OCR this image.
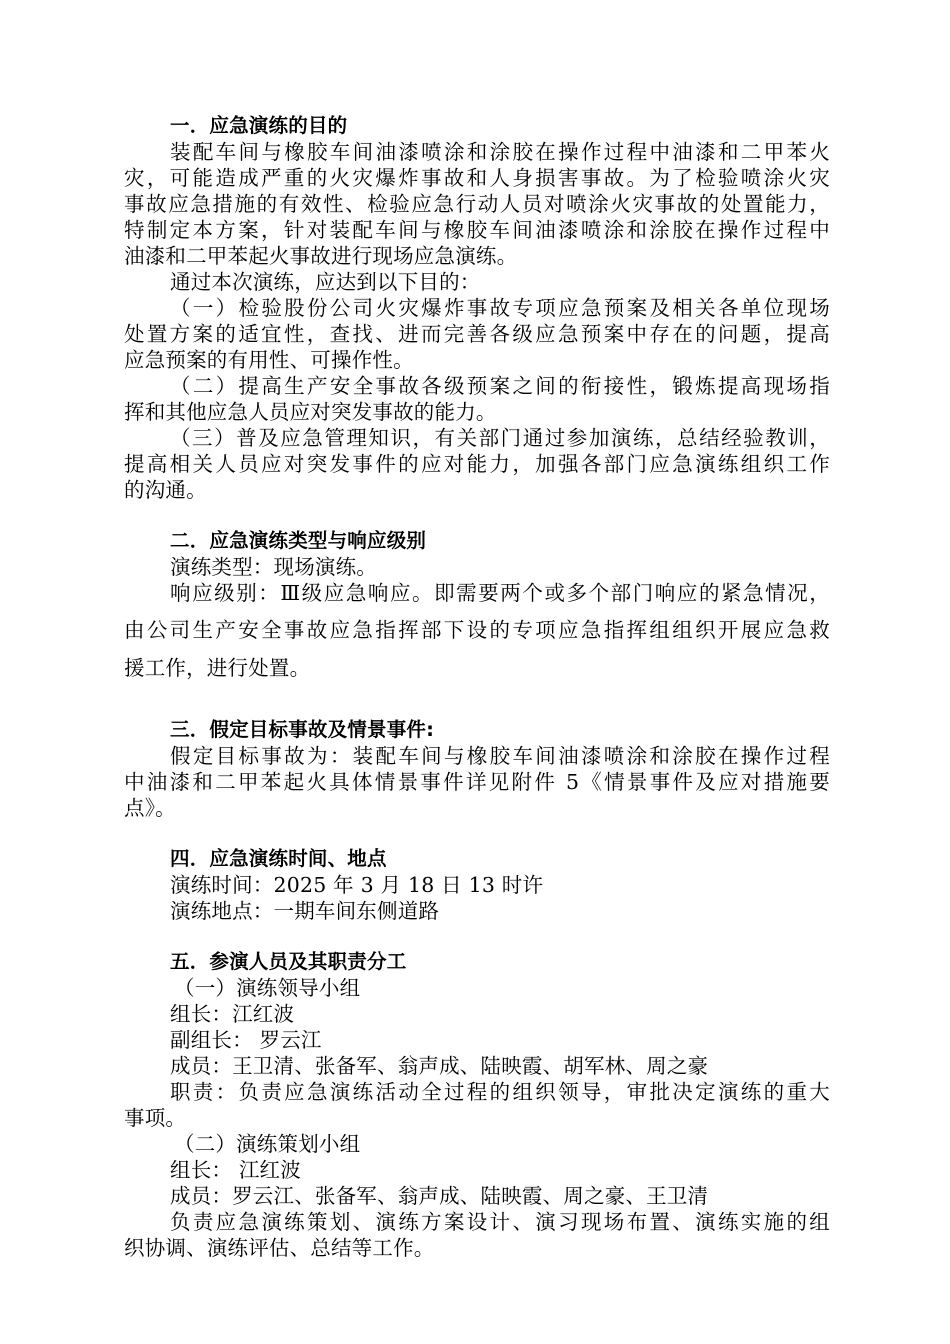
一．应急演练的目的
装配车间与橡胶车间油漆喷涂和涂胶在操作过程中油漆和二甲苯火
灾，可能造成严重的火灾爆炸事故和人身损害事故。为了检验喷涂火灾
事故应急措施的有效性、检验应急行动人员对喷涂火灾事故的处置能力，
特制定本方案，针对装配车间与橡胶车间油漆喷涂和涂胶在操作过程中
油漆和二甲苯起火事故进行现场应急演练。
通过本次演练，应达到以下目的：
（一）检验股份公司火灾爆炸事故专项应急预案及相关各单位现场
处置方案的适宜性，查找、进而完善各级应急预案中存在的问题，提高
应急预案的有用性、可操作性。
（二）提高生产安全事故各级预案之间的衔接性，锻炼提高现场指
挥和其他应急人员应对突发事故的能力。
（三）普及应急管理知识，有关部门通过参加演练，总结经验教训，
提高相关人员应对突发事件的应对能力，加强各部门应急演练组织工作
的沟通。
二．应急演练类型与响应级别
演练类型：现场演练。
响应级别：Ⅲ级应急响应。即需要两个或多个部门响应的紧急情况，
由公司生产安全事故应急指挥部下设的专项应急指挥组组织开展应急救
援工作，进行处置。
三．假定目标事故及情景事件:
假定目标事故为：装配车间与橡胶车间油漆喷涂和涂胶在操作过程
中油漆和二甲苯起火具体情景事件详见附件 5《情景事件及应对措施要
点》。
四．应急演练时间、地点
演练时间：2025 年 3 月 18 日 13 时许
演练地点：一期车间东侧道路
五．参演人员及其职责分工
（一）演练领导小组
组长：江红波
副组长： 罗云江
成员：王卫清、张备军、翁声成、陆映霞、胡军林、周之豪
职责：负责应急演练活动全过程的组织领导，审批决定演练的重大
事项。
（二）演练策划小组
组长： 江红波
成员：罗云江、张备军、翁声成、陆映霞、周之豪、王卫清
负责应急演练策划、演练方案设计、演习现场布置、演练实施的组
织协调、演练评估、总结等工作。
